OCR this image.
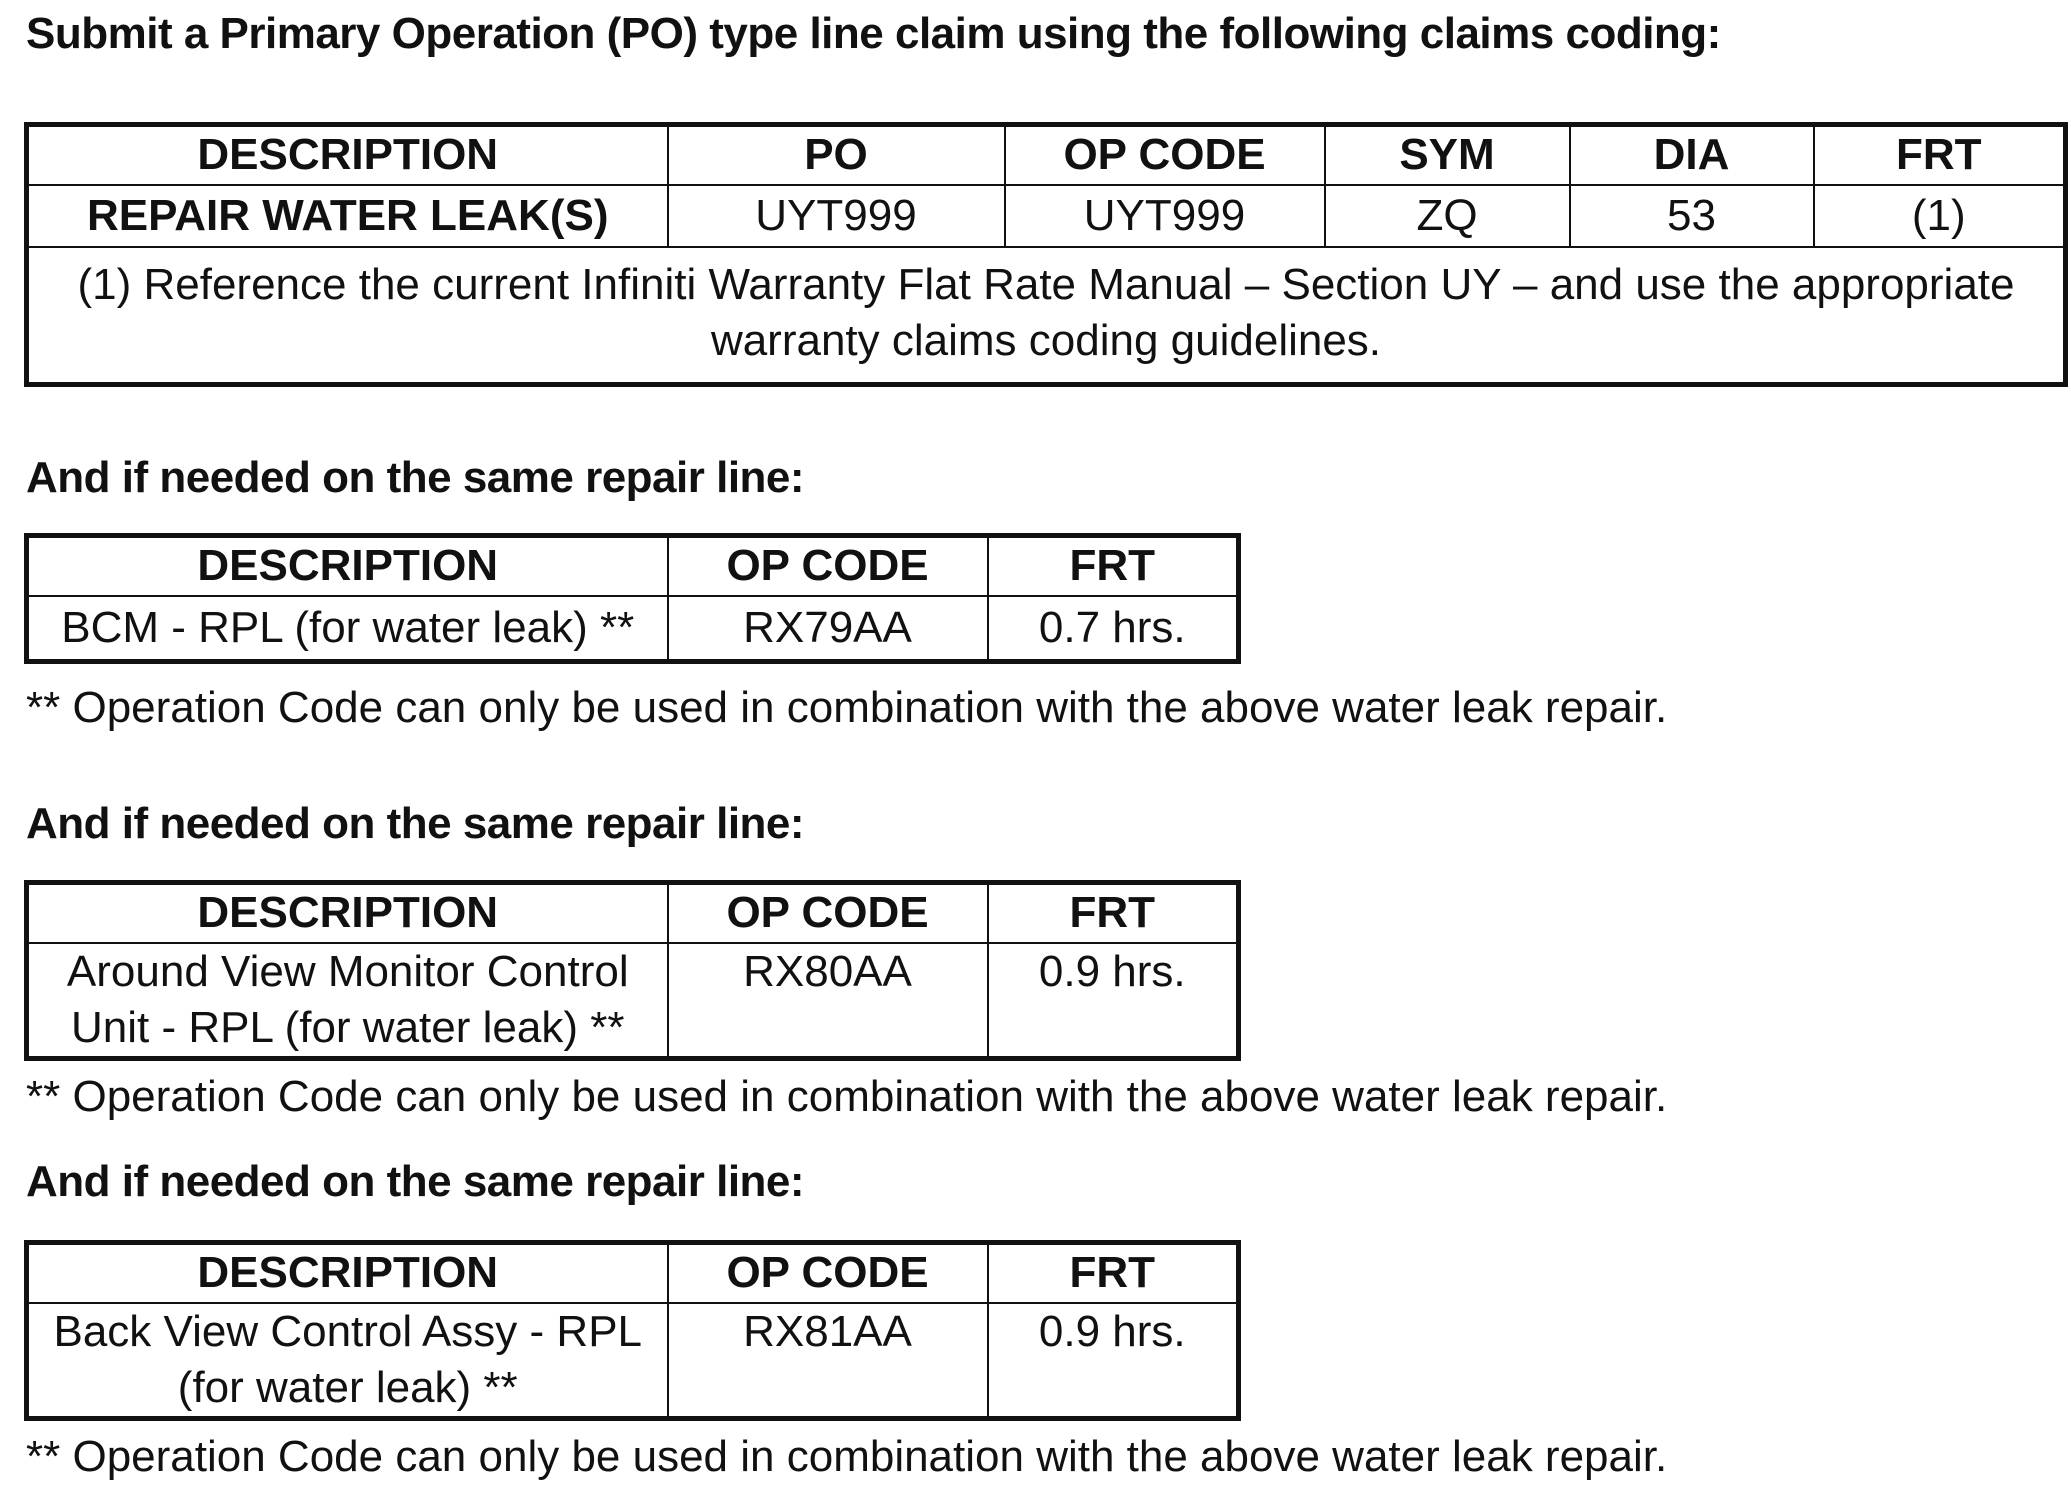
Submit a Primary Operation (PO) type line claim using the following claims coding:

DESCRIPTION	PO	OP CODE	SYM	DIA	FRT
REPAIR WATER LEAK(S)	UYT999	UYT999	ZQ	53	(1)
(1) Reference the current Infiniti Warranty Flat Rate Manual – Section UY – and use the appropriate warranty claims coding guidelines.					

And if needed on the same repair line:

DESCRIPTION	OP CODE	FRT

BCM - RPL (for water leak) **	RX79AA	0.7 hrs.

** Operation Code can only be used in combination with the above water leak repair.

And if needed on the same repair line:

DESCRIPTION	OP CODE	FRT

Around View Monitor Control
Unit - RPL (for water leak) **	RX80AA	0.9 hrs.

** Operation Code can only be used in combination with the above water leak repair.

And if needed on the same repair line:

DESCRIPTION	OP CODE	FRT

Back View Control Assy - RPL
(for water leak) **	RX81AA	0.9 hrs.

** Operation Code can only be used in combination with the above water leak repair.
